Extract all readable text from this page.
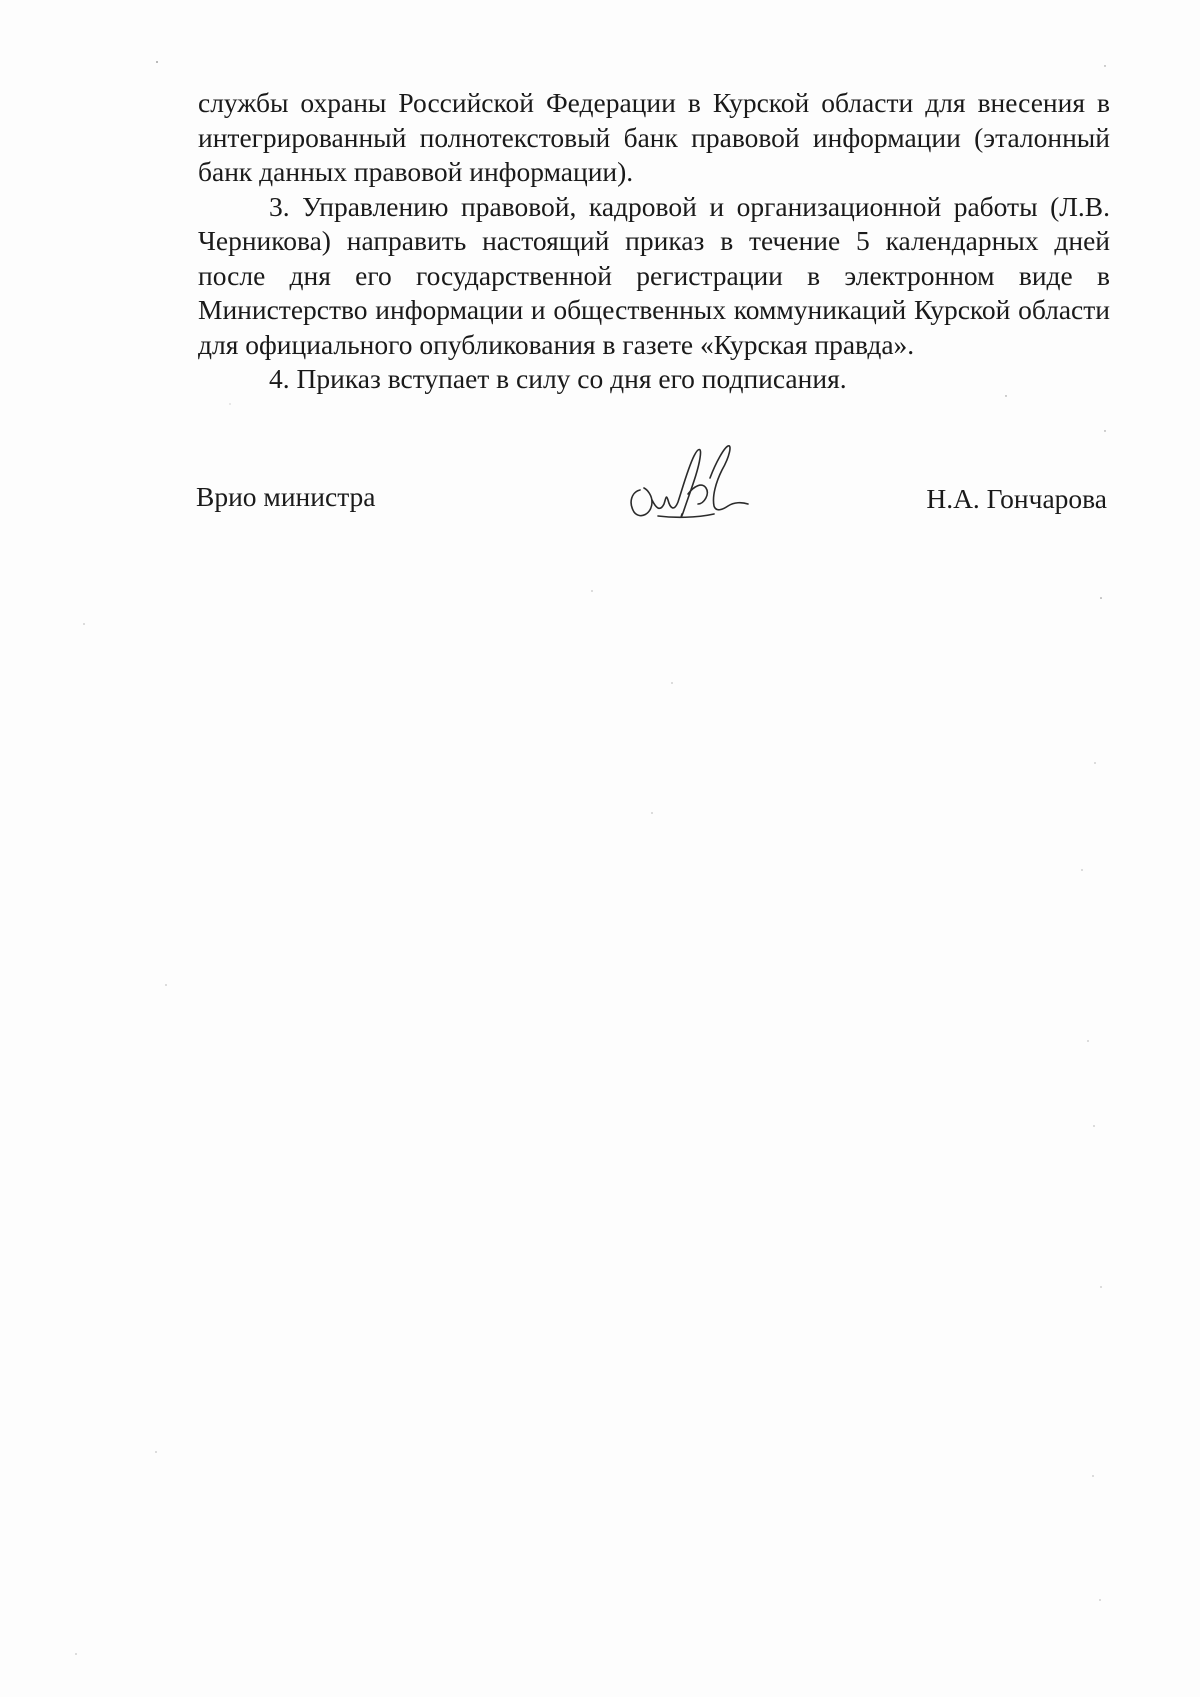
службы охраны Российской Федерации в Курской области для внесения в интегрированный полнотекстовый банк правовой информации (эталонный банк данных правовой информации).

3. Управлению правовой, кадровой и организационной работы (Л.В. Черникова) направить настоящий приказ в течение 5 календарных дней после дня его государственной регистрации в электронном виде в Министерство информации и общественных коммуникаций Курской области для официального опубликования в газете «Курская правда».

4. Приказ вступает в силу со дня его подписания.

Врио министра	Н.А. Гончарова
